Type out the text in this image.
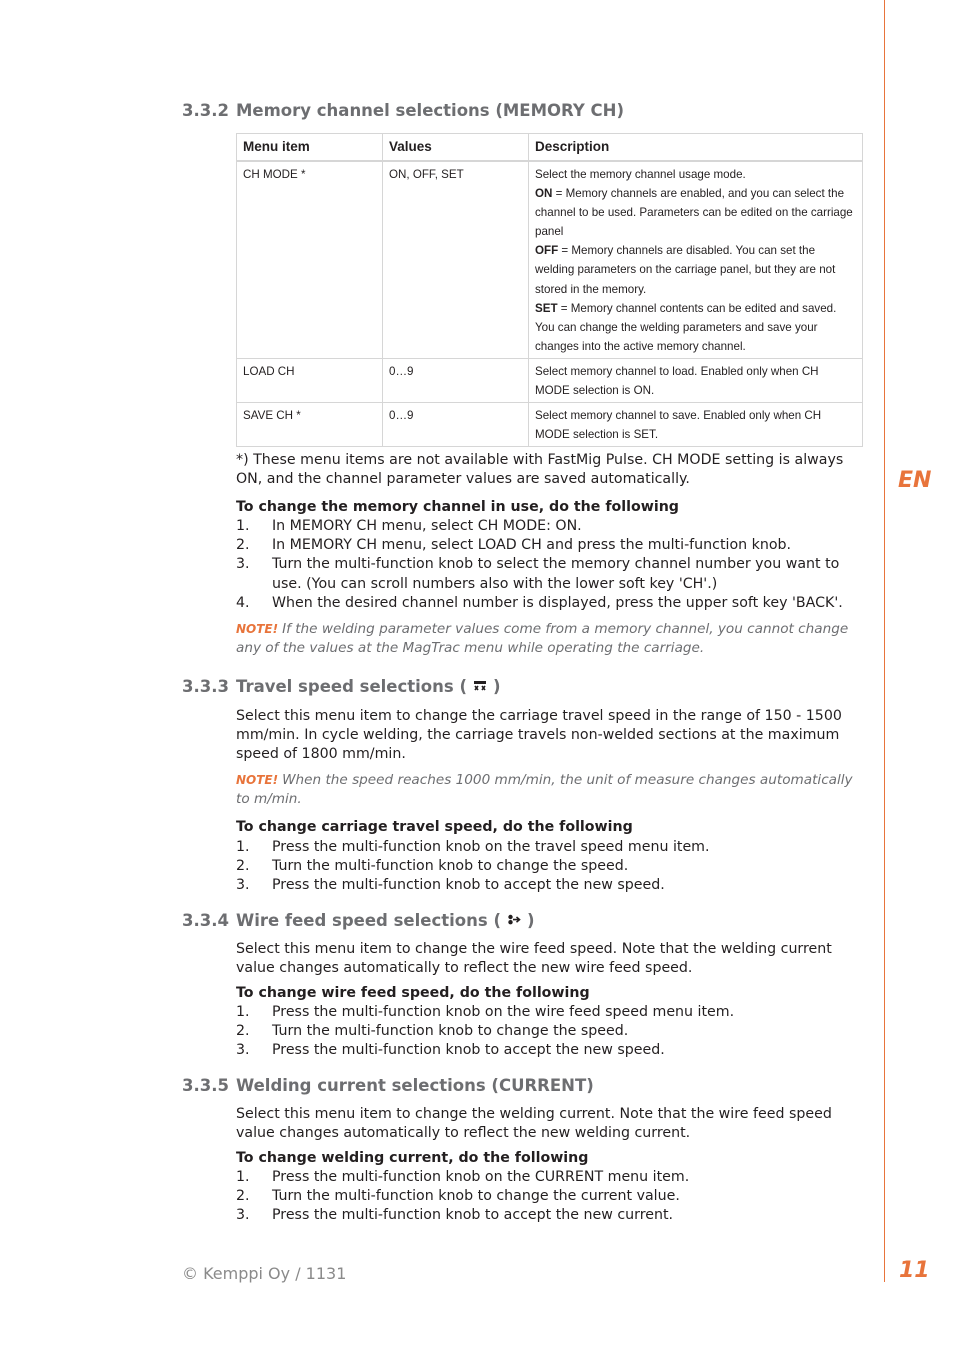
EN
3.3.2 Memory channel selections (MEMORY CH)
Menu item	Values	Description
CH MODE *	ON, OFF, SET	Select the memory channel usage mode.
ON = Memory channels are enabled, and you can select the channel to be used. Parameters can be edited on the carriage panel
OFF = Memory channels are disabled. You can set the welding parameters on the carriage panel, but they are not stored in the memory.
SET = Memory channel contents can be edited and saved. You can change the welding parameters and save your changes into the active memory channel.

LOAD CH	0…9	Select memory channel to load. Enabled only when CH MODE selection is ON.
SAVE CH *	0…9	Select memory channel to save. Enabled only when CH MODE selection is SET.
*) These menu items are not available with FastMig Pulse. CH MODE setting is always ON, and the channel parameter values are saved automatically.
To change the memory channel in use, do the following
1. In MEMORY CH menu, select CH MODE: ON.
2. In MEMORY CH menu, select LOAD CH and press the multi-function knob.
3. Turn the multi-function knob to select the memory channel number you want to use. (You can scroll numbers also with the lower soft key 'CH'.)
4. When the desired channel number is displayed, press the upper soft key 'BACK'.
NOTE! If the welding parameter values come from a memory channel, you cannot change any of the values at the MagTrac menu while operating the carriage.
3.3.3 Travel speed selections ( )
Select this menu item to change the carriage travel speed in the range of 150 - 1500 mm/min. In cycle welding, the carriage travels non-welded sections at the maximum speed of 1800 mm/min.
NOTE! When the speed reaches 1000 mm/min, the unit of measure changes automatically to m/min.
To change carriage travel speed, do the following
1. Press the multi-function knob on the travel speed menu item.
2. Turn the multi-function knob to change the speed.
3. Press the multi-function knob to accept the new speed.
3.3.4 Wire feed speed selections ( )
Select this menu item to change the wire feed speed. Note that the welding current value changes automatically to reflect the new wire feed speed.
To change wire feed speed, do the following
1. Press the multi-function knob on the wire feed speed menu item.
2. Turn the multi-function knob to change the speed.
3. Press the multi-function knob to accept the new speed.
3.3.5 Welding current selections (CURRENT)
Select this menu item to change the welding current. Note that the wire feed speed value changes automatically to reflect the new welding current.
To change welding current, do the following
1. Press the multi-function knob on the CURRENT menu item.
2. Turn the multi-function knob to change the current value.
3. Press the multi-function knob to accept the new current.
© Kemppi Oy / 1131	11
